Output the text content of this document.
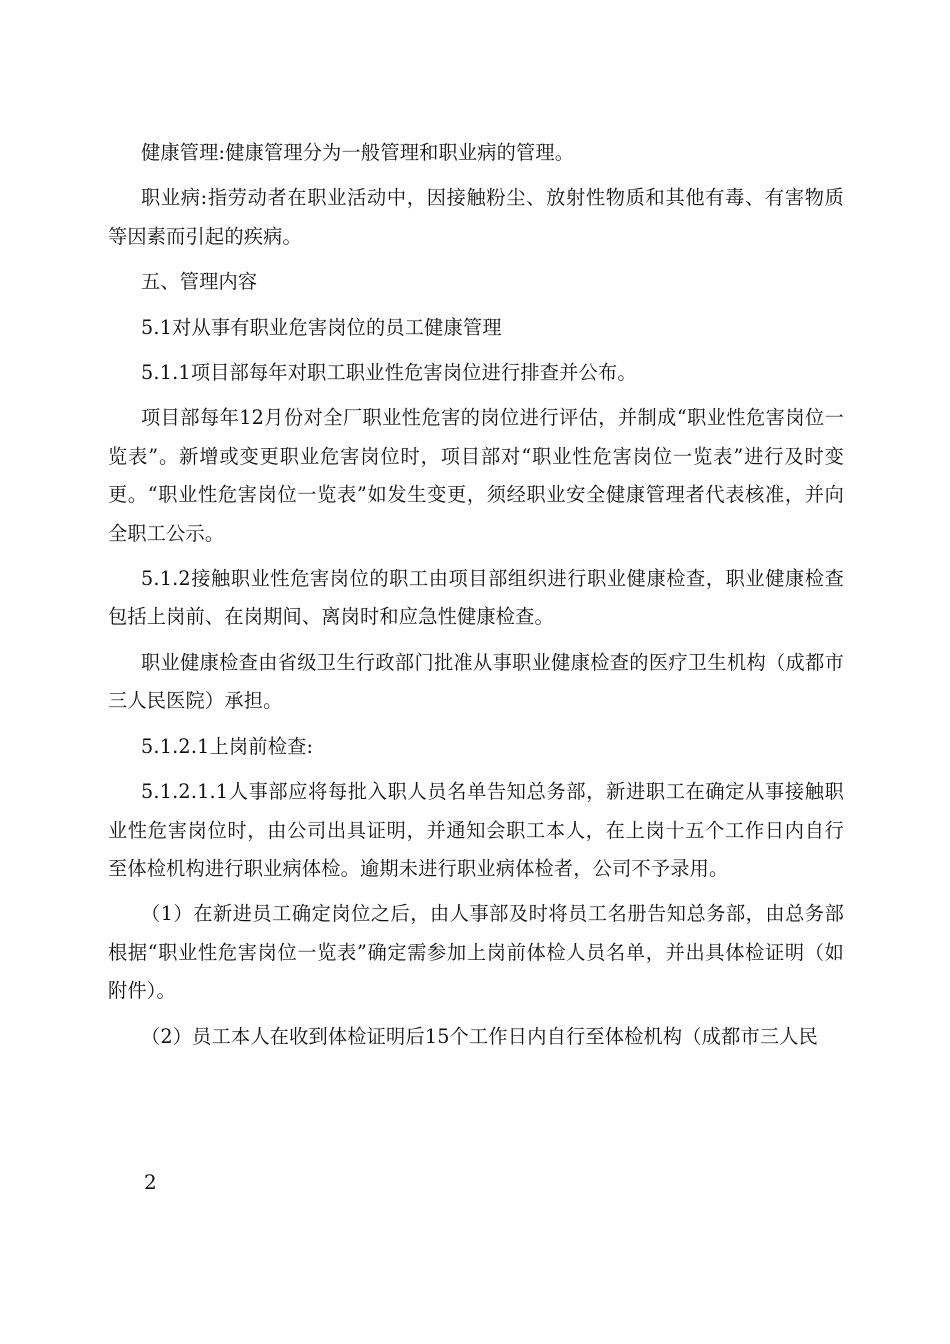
健康管理:健康管理分为一般管理和职业病的管理。

职业病:指劳动者在职业活动中，因接触粉尘、放射性物质和其他有毒、有害物质等因素而引起的疾病。

五、管理内容

5.1对从事有职业危害岗位的员工健康管理

5.1.1项目部每年对职工职业性危害岗位进行排查并公布。

项目部每年12月份对全厂职业性危害的岗位进行评估，并制成“职业性危害岗位一览表”。新增或变更职业危害岗位时，项目部对“职业性危害岗位一览表”进行及时变更。“职业性危害岗位一览表”如发生变更，须经职业安全健康管理者代表核准，并向全职工公示。

5.1.2接触职业性危害岗位的职工由项目部组织进行职业健康检查，职业健康检查包括上岗前、在岗期间、离岗时和应急性健康检查。

职业健康检查由省级卫生行政部门批准从事职业健康检查的医疗卫生机构（成都市三人民医院）承担。

5.1.2.1上岗前检查:

5.1.2.1.1人事部应将每批入职人员名单告知总务部，新进职工在确定从事接触职业性危害岗位时，由公司出具证明，并通知会职工本人，在上岗十五个工作日内自行至体检机构进行职业病体检。逾期未进行职业病体检者，公司不予录用。

（1）在新进员工确定岗位之后，由人事部及时将员工名册告知总务部，由总务部根据“职业性危害岗位一览表”确定需参加上岗前体检人员名单，并出具体检证明（如附件）。

（2）员工本人在收到体检证明后15个工作日内自行至体检机构（成都市三人民

2
